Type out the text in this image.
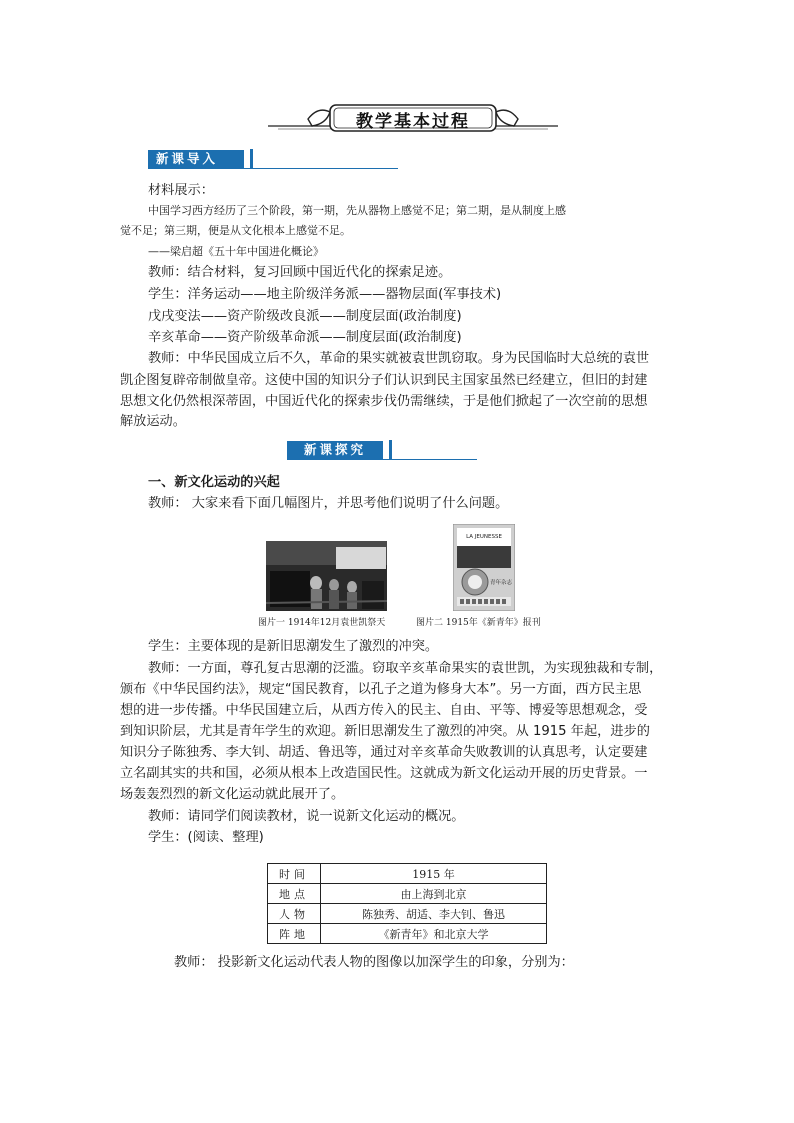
教学基本过程
新课导入
材料展示：
中国学习西方经历了三个阶段，第一期，先从器物上感觉不足；第二期，是从制度上感
觉不足；第三期，便是从文化根本上感觉不足。
——梁启超《五十年中国进化概论》
教师：结合材料，复习回顾中国近代化的探索足迹。
学生：洋务运动——地主阶级洋务派——器物层面(军事技术)
戊戌变法——资产阶级改良派——制度层面(政治制度)
辛亥革命——资产阶级革命派——制度层面(政治制度)
教师：中华民国成立后不久，革命的果实就被袁世凯窃取。身为民国临时大总统的袁世
凯企图复辟帝制做皇帝。这使中国的知识分子们认识到民主国家虽然已经建立，但旧的封建
思想文化仍然根深蒂固，中国近代化的探索步伐仍需继续，于是他们掀起了一次空前的思想
解放运动。
新课探究
一、新文化运动的兴起
教师： 大家来看下面几幅图片，并思考他们说明了什么问题。
LA JEUNESSE
青年杂志
图片一 1914年12月袁世凯祭天	图片二 1915年《新青年》报刊
学生：主要体现的是新旧思潮发生了激烈的冲突。
教师：一方面，尊孔复古思潮的泛滥。窃取辛亥革命果实的袁世凯，为实现独裁和专制，
颁布《中华民国约法》，规定“国民教育，以孔子之道为修身大本”。另一方面，西方民主思
想的进一步传播。中华民国建立后，从西方传入的民主、自由、平等、博爱等思想观念，受
到知识阶层，尤其是青年学生的欢迎。新旧思潮发生了激烈的冲突。从 1915 年起，进步的
知识分子陈独秀、李大钊、胡适、鲁迅等，通过对辛亥革命失败教训的认真思考，认定要建
立名副其实的共和国，必须从根本上改造国民性。这就成为新文化运动开展的历史背景。一
场轰轰烈烈的新文化运动就此展开了。
教师：请同学们阅读教材，说一说新文化运动的概况。
学生：(阅读、整理)
时间	1915 年
地点	由上海到北京
人物	陈独秀、胡适、李大钊、鲁迅
阵地	《新青年》和北京大学
教师： 投影新文化运动代表人物的图像以加深学生的印象，分别为：
